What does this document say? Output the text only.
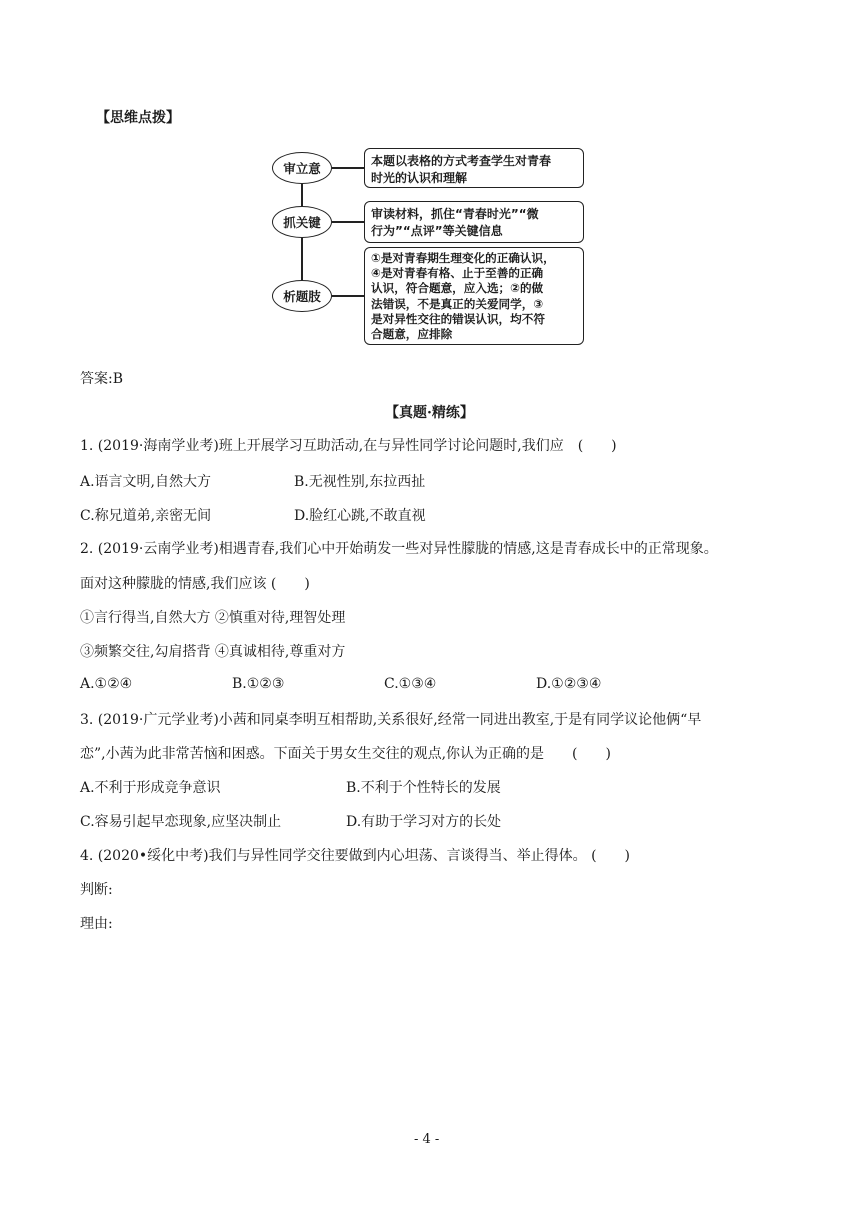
【思维点拨】
审立意	本题以表格的方式考查学生对青春
时光的认识和理解
抓关键
审读材料，抓住“青春时光”“微
行为”“点评”等关键信息
析题肢
①是对青春期生理变化的正确认识，
④是对青春有格、止于至善的正确
认识，符合题意，应入选；②的做
法错误，不是真正的关爱同学，③
是对异性交往的错误认识，均不符
合题意，应排除
答案:B
【真题·精练】
1. (2019·海南学业考)班上开展学习互助活动,在与异性同学讨论问题时,我们应　(　　)
A.语言文明,自然大方	B.无视性别,东拉西扯
C.称兄道弟,亲密无间	D.脸红心跳,不敢直视
2. (2019·云南学业考)相遇青春,我们心中开始萌发一些对异性朦胧的情感,这是青春成长中的正常现象。
面对这种朦胧的情感,我们应该 (　　)
①言行得当,自然大方 ②慎重对待,理智处理
③频繁交往,勾肩搭背 ④真诚相待,尊重对方
A.①②④	B.①②③	C.①③④	D.①②③④
3. (2019·广元学业考)小茜和同桌李明互相帮助,关系很好,经常一同进出教室,于是有同学议论他俩“早
恋”,小茜为此非常苦恼和困惑。下面关于男女生交往的观点,你认为正确的是　　(　　)
A.不利于形成竞争意识	B.不利于个性特长的发展
C.容易引起早恋现象,应坚决制止	D.有助于学习对方的长处
4. (2020•绥化中考)我们与异性同学交往要做到内心坦荡、言谈得当、举止得体。 (　　)
判断:
理由:
- 4 -
